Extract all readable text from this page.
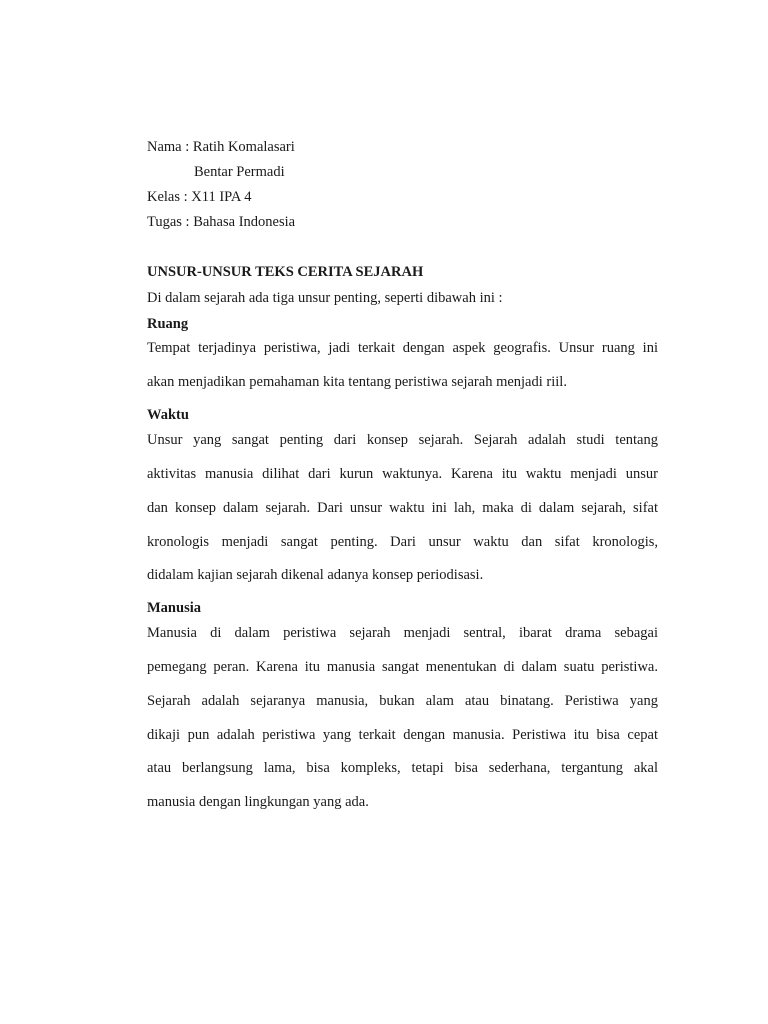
Nama : Ratih Komalasari
Bentar Permadi
Kelas : X11 IPA 4
Tugas : Bahasa Indonesia
UNSUR-UNSUR TEKS CERITA SEJARAH
Di dalam sejarah ada tiga unsur penting, seperti dibawah ini :
Ruang
Tempat terjadinya peristiwa, jadi terkait dengan aspek geografis. Unsur ruang ini
akan menjadikan pemahaman kita tentang peristiwa sejarah menjadi riil.
Waktu
Unsur yang sangat penting dari konsep sejarah. Sejarah adalah studi tentang
aktivitas manusia dilihat dari kurun waktunya. Karena itu waktu menjadi unsur
dan konsep dalam sejarah. Dari unsur waktu ini lah, maka di dalam sejarah, sifat
kronologis menjadi sangat penting. Dari unsur waktu dan sifat kronologis,
didalam kajian sejarah dikenal adanya konsep periodisasi.
Manusia
Manusia di dalam peristiwa sejarah menjadi sentral, ibarat drama sebagai
pemegang peran. Karena itu manusia sangat menentukan di dalam suatu peristiwa.
Sejarah adalah sejaranya manusia, bukan alam atau binatang. Peristiwa yang
dikaji pun adalah peristiwa yang terkait dengan manusia. Peristiwa itu bisa cepat
atau berlangsung lama, bisa kompleks, tetapi bisa sederhana, tergantung akal
manusia dengan lingkungan yang ada.
